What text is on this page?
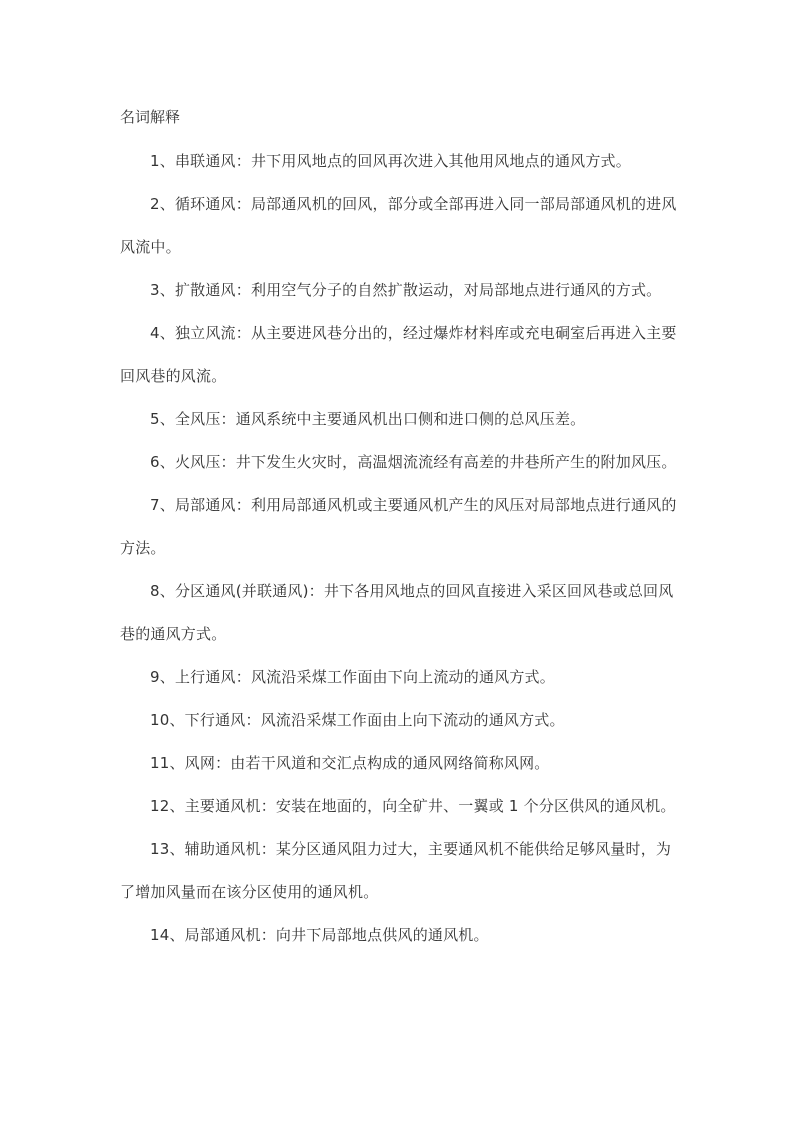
名词解释

1、串联通风：井下用风地点的回风再次进入其他用风地点的通风方式。

2、循环通风：局部通风机的回风，部分或全部再进入同一部局部通风机的进风风流中。

3、扩散通风：利用空气分子的自然扩散运动，对局部地点进行通风的方式。

4、独立风流：从主要进风巷分出的，经过爆炸材料库或充电硐室后再进入主要回风巷的风流。

5、全风压：通风系统中主要通风机出口侧和进口侧的总风压差。

6、火风压：井下发生火灾时，高温烟流流经有高差的井巷所产生的附加风压。

7、局部通风：利用局部通风机或主要通风机产生的风压对局部地点进行通风的方法。

8、分区通风(并联通风)：井下各用风地点的回风直接进入采区回风巷或总回风巷的通风方式。

9、上行通风：风流沿采煤工作面由下向上流动的通风方式。

10、下行通风：风流沿采煤工作面由上向下流动的通风方式。

11、风网：由若干风道和交汇点构成的通风网络简称风网。

12、主要通风机：安装在地面的，向全矿井、一翼或 1 个分区供风的通风机。

13、辅助通风机：某分区通风阻力过大，主要通风机不能供给足够风量时，为了增加风量而在该分区使用的通风机。

14、局部通风机：向井下局部地点供风的通风机。
